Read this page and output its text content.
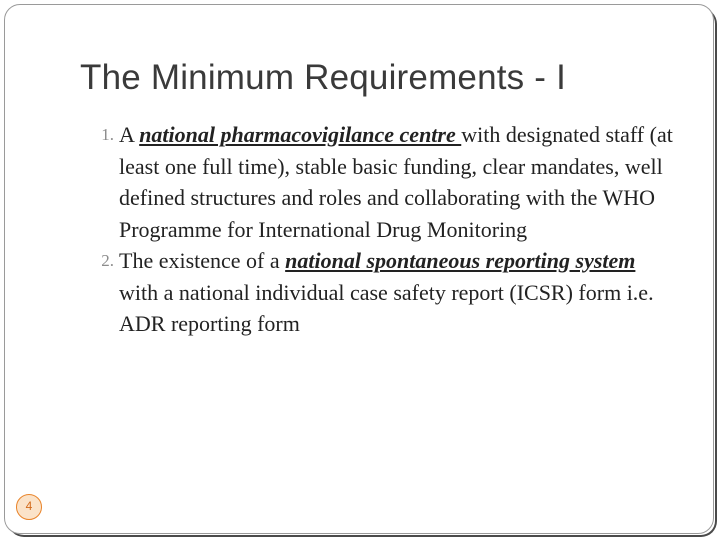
The Minimum Requirements - I
1. A national pharmacovigilance centre with designated staff (at least one full time), stable basic funding, clear mandates, well defined structures and roles and collaborating with the WHO Programme for International Drug Monitoring
2. The existence of a national spontaneous reporting system with a national individual case safety report (ICSR) form i.e. ADR reporting form
4
